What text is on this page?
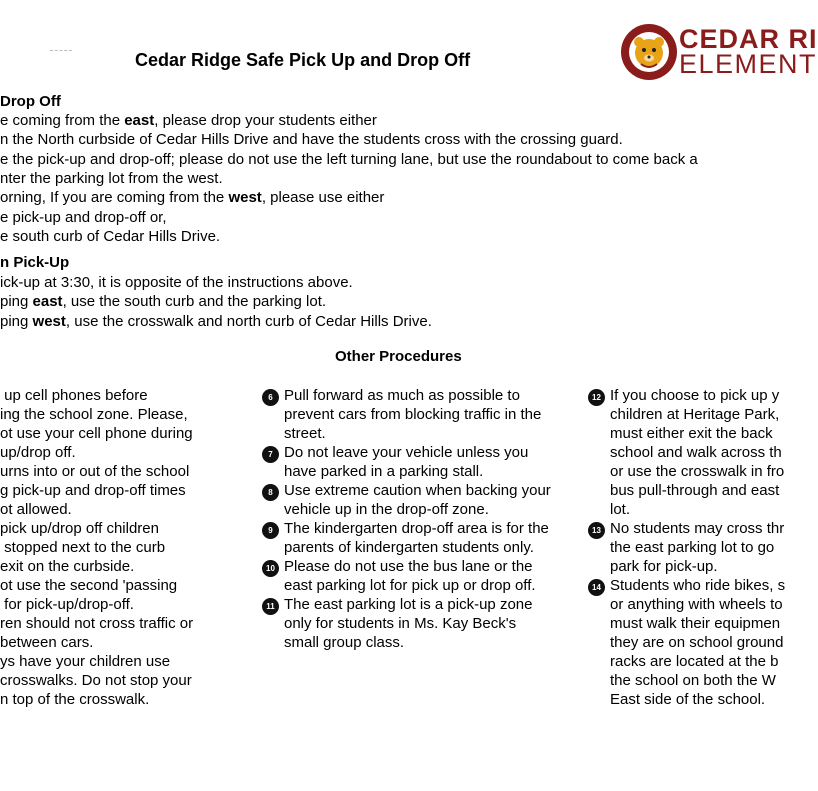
Cedar Ridge Safe Pick Up and Drop Off
CEDAR RI
ELEMENT
Drop Off
e coming from the east, please drop your students either
n the North curbside of Cedar Hills Drive and have the students cross with the crossing guard.
e the pick-up and drop-off; please do not use the left turning lane, but use the roundabout to come back a
nter the parking lot from the west.
orning, If you are coming from the west, please use either
e pick-up and drop-off or,
e south curb of Cedar Hills Drive.
n Pick-Up
ick-up at 3:30, it is opposite of the instructions above.
ping east, use the south curb and the parking lot.
ping west, use the crosswalk and north curb of Cedar Hills Drive.
Other Procedures
up cell phones before
ing the school zone. Please,
ot use your cell phone during
up/drop off.
urns into or out of the school
g pick-up and drop-off times
ot allowed.
pick up/drop off children
stopped next to the curb
exit on the curbside.
ot use the second 'passing
for pick-up/drop-off.
ren should not cross traffic or
between cars.
ys have your children use
crosswalks. Do not stop your
n top of the crosswalk.
6 Pull forward as much as possible to prevent cars from blocking traffic in the street.
7 Do not leave your vehicle unless you have parked in a parking stall.
8 Use extreme caution when backing your vehicle up in the drop-off zone.
9 The kindergarten drop-off area is for the parents of kindergarten students only.
10 Please do not use the bus lane or the east parking lot for pick up or drop off.
11 The east parking lot is a pick-up zone only for students in Ms. Kay Beck's small group class.
12 If you choose to pick up y
children at Heritage Park,
must either exit the back
school and walk across th
or use the crosswalk in fro
bus pull-through and east
lot.
13 No students may cross thr
the east parking lot to go
park for pick-up.
14 Students who ride bikes, s
or anything with wheels to
must walk their equipmen
they are on school ground
racks are located at the b
the school on both the W
East side of the school.
